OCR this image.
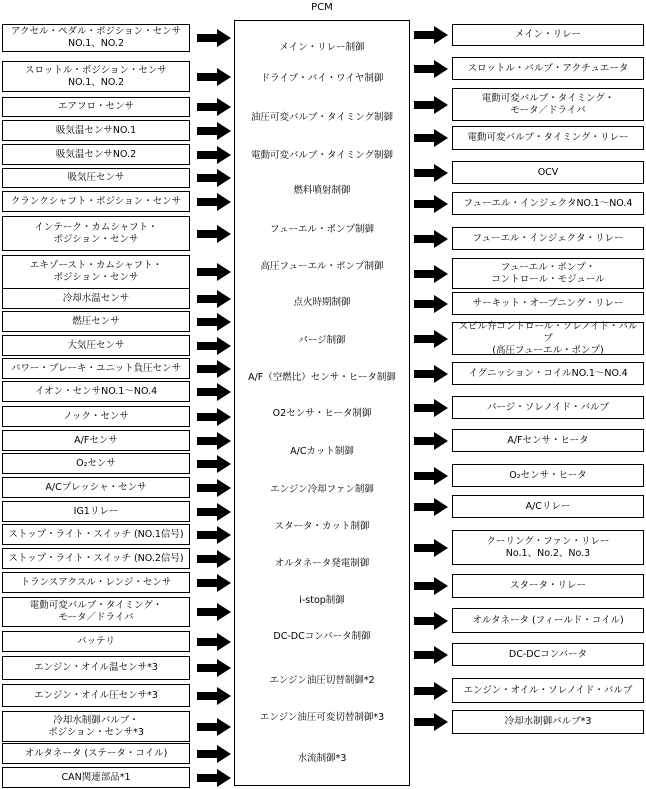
PCM
アクセル・ペダル・ポジション・センサ
NO.1、NO.2
スロットル・ポジション・センサ
NO.1、NO.2
エアフロ・センサ
吸気温センサNO.1
吸気温センサNO.2
吸気圧センサ
クランクシャフト・ポジション・センサ
インテーク・カムシャフト・
ポジション・センサ
エキゾースト・カムシャフト・
ポジション・センサ
冷却水温センサ
燃圧センサ
大気圧センサ
パワー・ブレーキ・ユニット負圧センサ
イオン・センサNO.1～NO.4
ノック・センサ
A/Fセンサ
O₂センサ
A/Cプレッシャ・センサ
IG1リレー
ストップ・ライト・スイッチ (NO.1信号)
ストップ・ライト・スイッチ (NO.2信号)
トランスアクスル・レンジ・センサ
電動可変バルブ・タイミング・
モータ／ドライバ
バッテリ
エンジン・オイル温センサ*3
エンジン・オイル圧センサ*3
冷却水制御バルブ・
ポジション・センサ*3
オルタネータ (ステータ・コイル)
CAN関連部品*1
メイン・リレー制御
ドライブ・バイ・ワイヤ制御
油圧可変バルブ・タイミング制御
電動可変バルブ・タイミング制御
燃料噴射制御
フューエル・ポンプ制御
高圧フューエル・ポンプ制御
点火時期制御
パージ制御
A/F（空燃比）センサ・ヒータ制御
O2センサ・ヒータ制御
A/Cカット制御
エンジン冷却ファン制御
スタータ・カット制御
オルタネータ発電制御
i-stop制御
DC-DCコンバータ制御
エンジン油圧切替制御*2
エンジン油圧可変切替制御*3
水流制御*3
メイン・リレー
スロットル・バルブ・アクチュエータ
電動可変バルブ・タイミング・
モータ／ドライバ
電動可変バルブ・タイミング・リレー
OCV
フューエル・インジェクタNO.1～NO.4
フューエル・インジェクタ・リレー
フューエル・ポンプ・
コントロール・モジュール
サーキット・オープニング・リレー
スピル弁コントロール・ソレノイド・バルブ
(高圧フューエル・ポンプ)
イグニッション・コイルNO.1～NO.4
パージ・ソレノイド・バルブ
A/Fセンサ・ヒータ
O₂センサ・ヒータ
A/Cリレー
クーリング・ファン・リレー
No.1、No.2、No.3
スタータ・リレー
オルタネータ (フィールド・コイル)
DC-DCコンバータ
エンジン・オイル・ソレノイド・バルブ
冷却水制御バルブ*3
